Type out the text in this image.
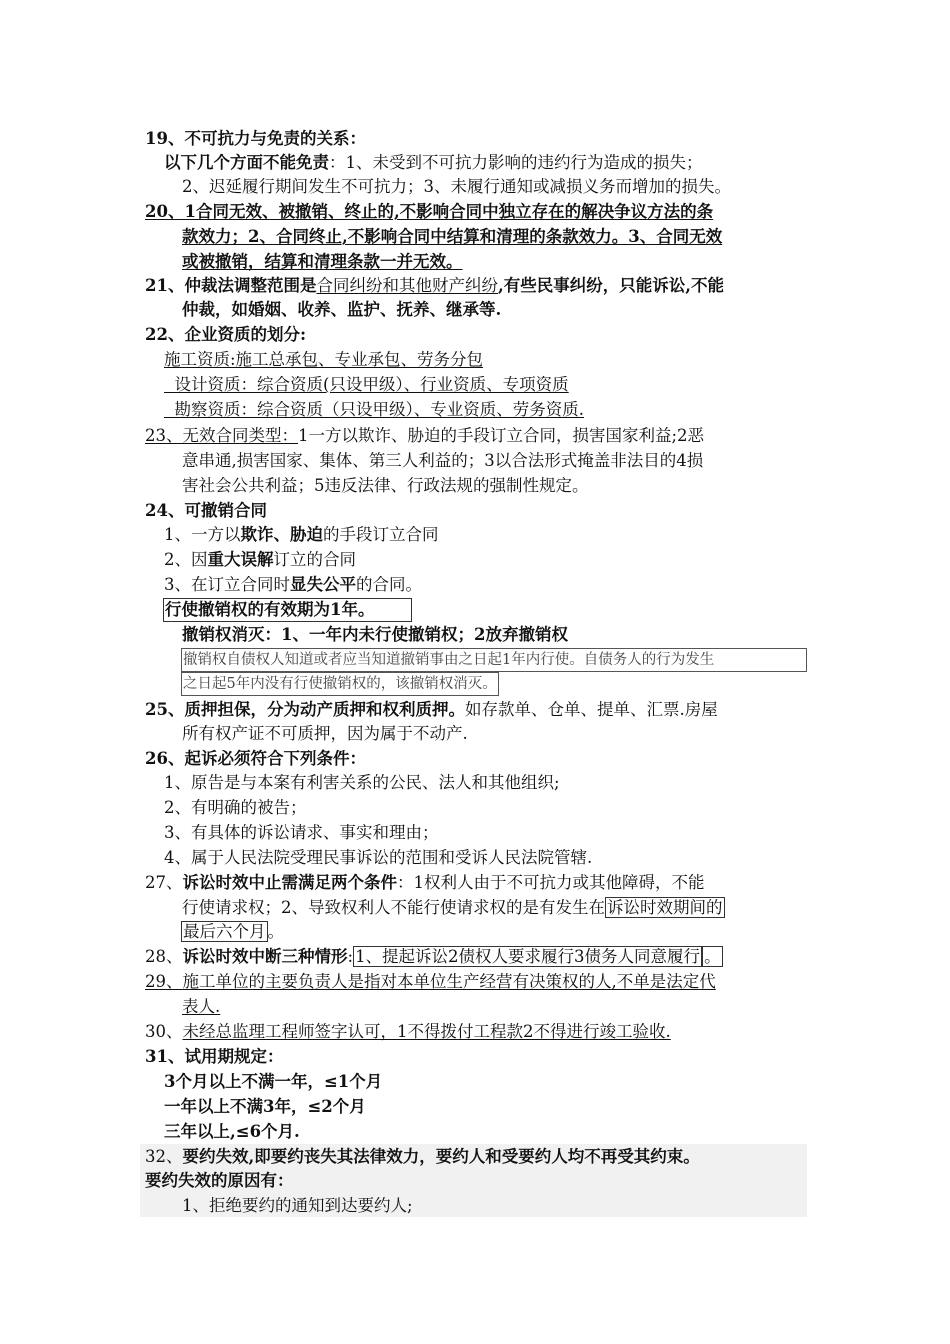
19、不可抗力与免责的关系：
以下几个方面不能免责：1、未受到不可抗力影响的违约行为造成的损失；
2、迟延履行期间发生不可抗力；3、未履行通知或减损义务而增加的损失。
20、1合同无效、被撤销、终止的,不影响合同中独立存在的解决争议方法的条
款效力；2、合同终止,不影响合同中结算和清理的条款效力。3、合同无效
或被撤销，结算和清理条款一并无效。
21、仲裁法调整范围是合同纠纷和其他财产纠纷,有些民事纠纷，只能诉讼,不能
仲裁，如婚姻、收养、监护、抚养、继承等.
22、企业资质的划分:
施工资质:施工总承包、专业承包、劳务分包
设计资质：综合资质(只设甲级）、行业资质、专项资质
勘察资质：综合资质（只设甲级）、专业资质、劳务资质.
23、无效合同类型：1一方以欺诈、胁迫的手段订立合同，损害国家利益;2恶
意串通,损害国家、集体、第三人利益的；3以合法形式掩盖非法目的4损
害社会公共利益；5违反法律、行政法规的强制性规定。
24、可撤销合同
1、一方以欺诈、胁迫的手段订立合同
2、因重大误解订立的合同
3、在订立合同时显失公平的合同。
行使撤销权的有效期为1年。
撤销权消灭：1、一年内未行使撤销权；2放弃撤销权
撤销权自债权人知道或者应当知道撤销事由之日起1年内行使。自债务人的行为发生
之日起5年内没有行使撤销权的，该撤销权消灭。
25、质押担保，分为动产质押和权利质押。如存款单、仓单、提单、汇票.房屋
所有权产证不可质押，因为属于不动产.
26、起诉必须符合下列条件：
1、原告是与本案有利害关系的公民、法人和其他组织;
2、有明确的被告；
3、有具体的诉讼请求、事实和理由；
4、属于人民法院受理民事诉讼的范围和受诉人民法院管辖.
27、诉讼时效中止需满足两个条件：1权利人由于不可抗力或其他障碍，不能
行使请求权；2、导致权利人不能行使请求权的是有发生在 诉讼时效期间的
最后六个月 。
28、诉讼时效中断三种情形: 1、提起诉讼2债权人要求履行3债务人同意履行 。
29、施工单位的主要负责人是指对本单位生产经营有决策权的人,不单是法定代
表人.
30、未经总监理工程师签字认可，1不得拨付工程款2不得进行竣工验收.
31、试用期规定：
3个月以上不满一年，≤1个月
一年以上不满3年，≤2个月
三年以上,≤6个月.
32、要约失效,即要约丧失其法律效力，要约人和受要约人均不再受其约束。
要约失效的原因有：
1、拒绝要约的通知到达要约人;
